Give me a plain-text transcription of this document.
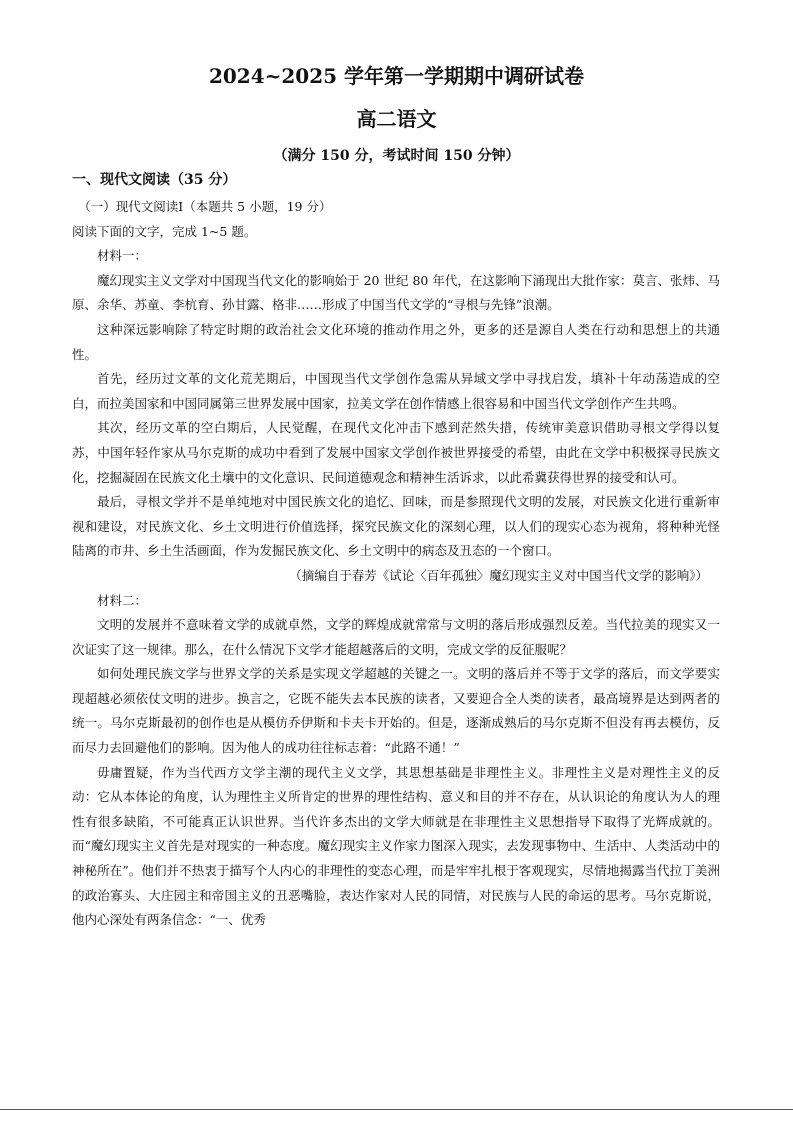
2024~2025 学年第一学期期中调研试卷
高二语文
（满分 150 分，考试时间 150 分钟）
一、现代文阅读（35 分）

（一）现代文阅读Ⅰ（本题共 5 小题，19 分）

阅读下面的文字，完成 1~5 题。

材料一：

魔幻现实主义文学对中国现当代文化的影响始于 20 世纪 80 年代，在这影响下涌现出大批作家：莫言、张炜、马原、余华、苏童、李杭育、孙甘露、格非……形成了中国当代文学的“寻根与先锋”浪潮。

这种深远影响除了特定时期的政治社会文化环境的推动作用之外，更多的还是源自人类在行动和思想上的共通性。

首先，经历过文革的文化荒芜期后，中国现当代文学创作急需从异域文学中寻找启发，填补十年动荡造成的空白，而拉美国家和中国同属第三世界发展中国家，拉美文学在创作情感上很容易和中国当代文学创作产生共鸣。

其次，经历文革的空白期后，人民觉醒，在现代文化冲击下感到茫然失措，传统审美意识借助寻根文学得以复苏，中国年轻作家从马尔克斯的成功中看到了发展中国家文学创作被世界接受的希望，由此在文学中积极探寻民族文化，挖掘凝固在民族文化土壤中的文化意识、民间道德观念和精神生活诉求，以此希冀获得世界的接受和认可。

最后，寻根文学并不是单纯地对中国民族文化的追忆、回味，而是参照现代文明的发展，对民族文化进行重新审视和建设，对民族文化、乡土文明进行价值选择，探究民族文化的深刻心理，以人们的现实心态为视角，将种种光怪陆离的市井、乡土生活画面，作为发掘民族文化、乡土文明中的病态及丑态的一个窗口。

（摘编自于春芳《试论〈百年孤独〉魔幻现实主义对中国当代文学的影响》）

材料二：

文明的发展并不意味着文学的成就卓然，文学的辉煌成就常常与文明的落后形成强烈反差。当代拉美的现实又一次证实了这一规律。那么，在什么情况下文学才能超越落后的文明，完成文学的反征服呢？

如何处理民族文学与世界文学的关系是实现文学超越的关键之一。文明的落后并不等于文学的落后，而文学要实现超越必须依仗文明的进步。换言之，它既不能失去本民族的读者，又要迎合全人类的读者，最高境界是达到两者的统一。马尔克斯最初的创作也是从模仿乔伊斯和卡夫卡开始的。但是，逐渐成熟后的马尔克斯不但没有再去模仿，反而尽力去回避他们的影响。因为他人的成功往往标志着：“此路不通！”

毋庸置疑，作为当代西方文学主潮的现代主义文学，其思想基础是非理性主义。非理性主义是对理性主义的反动：它从本体论的角度，认为理性主义所肯定的世界的理性结构、意义和目的并不存在，从认识论的角度认为人的理性有很多缺陷，不可能真正认识世界。当代许多杰出的文学大师就是在非理性主义思想指导下取得了光辉成就的。而“魔幻现实主义首先是对现实的一种态度。魔幻现实主义作家力图深入现实，去发现事物中、生活中、人类活动中的神秘所在”。他们并不热衷于描写个人内心的非理性的变态心理，而是牢牢扎根于客观现实，尽情地揭露当代拉丁美洲的政治寡头、大庄园主和帝国主义的丑恶嘴脸，表达作家对人民的同情，对民族与人民的命运的思考。马尔克斯说，他内心深处有两条信念：“一、优秀
